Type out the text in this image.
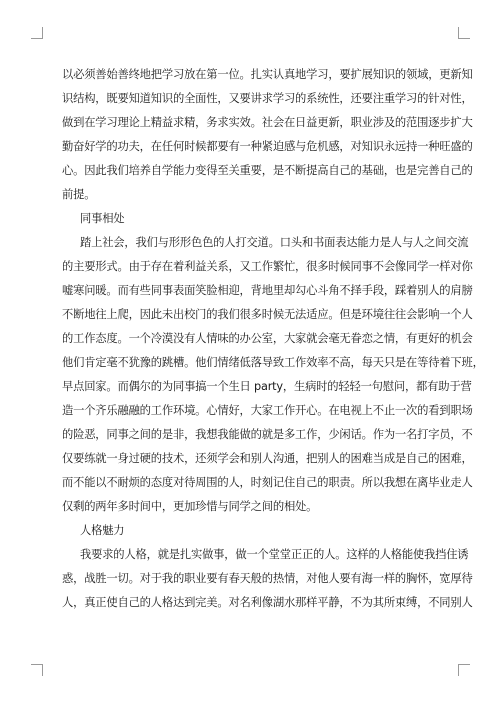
以必须善始善终地把学习放在第一位。扎实认真地学习，要扩展知识的领域，更新知
识结构，既要知道知识的全面性，又要讲求学习的系统性，还要注重学习的针对性，
做到在学习理论上精益求精，务求实效。社会在日益更新，职业涉及的范围逐步扩大
勤奋好学的功夫，在任何时候都要有一种紧迫感与危机感，对知识永远持一种旺盛的
心。因此我们培养自学能力变得至关重要，是不断提高自己的基础，也是完善自己的
前提。
同事相处
踏上社会，我们与形形色色的人打交道。口头和书面表达能力是人与人之间交流
的主要形式。由于存在着利益关系，又工作繁忙，很多时候同事不会像同学一样对你
嘘寒问暖。而有些同事表面笑脸相迎，背地里却勾心斗角不择手段，踩着别人的肩膀
不断地往上爬，因此未出校门的我们很多时候无法适应。但是环境往往会影响一个人
的工作态度。一个冷漠没有人情味的办公室，大家就会毫无眷恋之情，有更好的机会
他们肯定毫不犹豫的跳槽。他们情绪低落导致工作效率不高，每天只是在等待着下班，
早点回家。而偶尔的为同事搞一个生日 party，生病时的轻轻一句慰问，都有助于营
造一个齐乐融融的工作环境。心情好，大家工作开心。在电视上不止一次的看到职场
的险恶，同事之间的是非，我想我能做的就是多工作，少闲话。作为一名打字员，不
仅要练就一身过硬的技术，还须学会和别人沟通，把别人的困难当成是自己的困难，
而不能以不耐烦的态度对待周围的人，时刻记住自己的职责。所以我想在离毕业走人
仅剩的两年多时间中，更加珍惜与同学之间的相处。
人格魅力
我要求的人格，就是扎实做事，做一个堂堂正正的人。这样的人格能使我挡住诱
惑，战胜一切。对于我的职业要有春天般的热情，对他人要有海一样的胸怀，宽厚待
人，真正使自己的人格达到完美。对名利像湖水那样平静，不为其所束缚，不同别人
